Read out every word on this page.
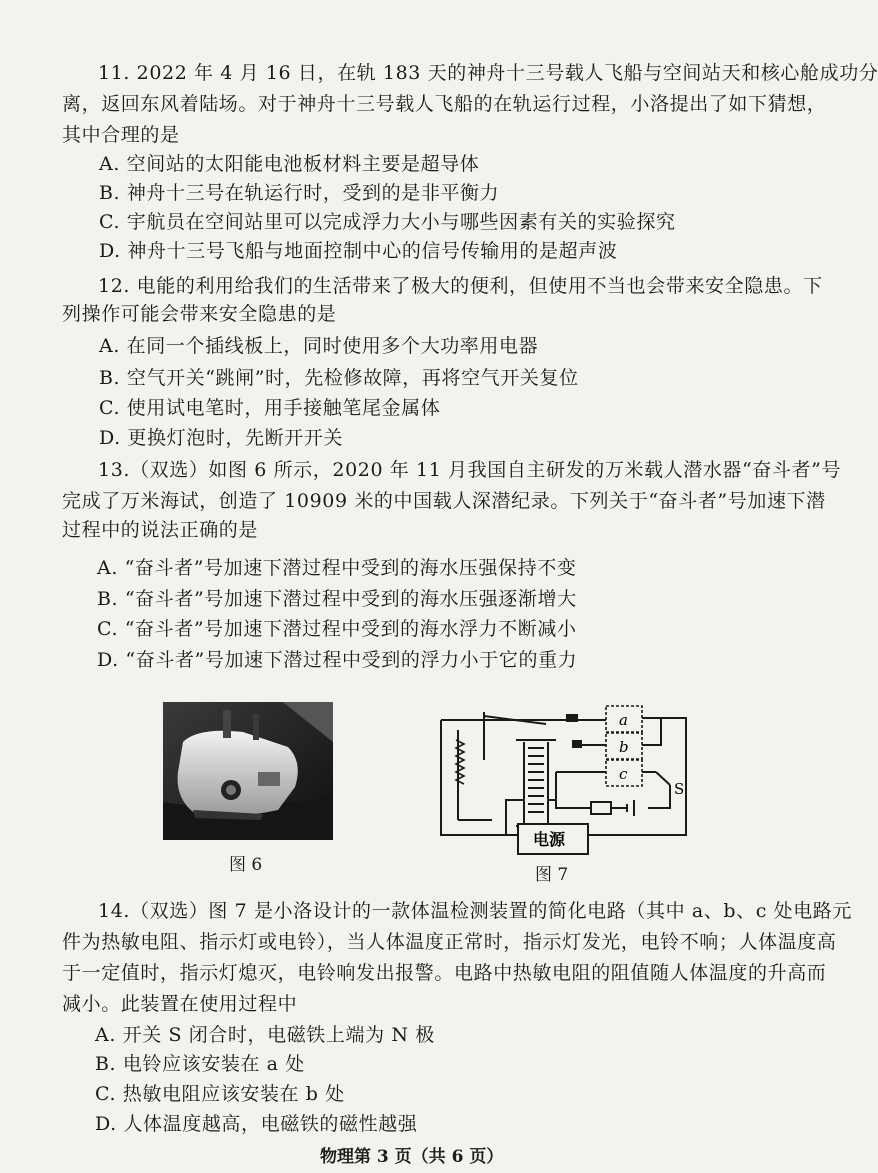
11. 2022 年 4 月 16 日，在轨 183 天的神舟十三号载人飞船与空间站天和核心舱成功分
离，返回东风着陆场。对于神舟十三号载人飞船的在轨运行过程，小洛提出了如下猜想，
其中合理的是
A. 空间站的太阳能电池板材料主要是超导体
B. 神舟十三号在轨运行时，受到的是非平衡力
C. 宇航员在空间站里可以完成浮力大小与哪些因素有关的实验探究
D. 神舟十三号飞船与地面控制中心的信号传输用的是超声波
12. 电能的利用给我们的生活带来了极大的便利，但使用不当也会带来安全隐患。下
列操作可能会带来安全隐患的是
A. 在同一个插线板上，同时使用多个大功率用电器
B. 空气开关“跳闸”时，先检修故障，再将空气开关复位
C. 使用试电笔时，用手接触笔尾金属体
D. 更换灯泡时，先断开开关
13.（双选）如图 6 所示，2020 年 11 月我国自主研发的万米载人潜水器“奋斗者”号
完成了万米海试，创造了 10909 米的中国载人深潜纪录。下列关于“奋斗者”号加速下潜
过程中的说法正确的是
A. “奋斗者”号加速下潜过程中受到的海水压强保持不变
B. “奋斗者”号加速下潜过程中受到的海水压强逐渐增大
C. “奋斗者”号加速下潜过程中受到的海水浮力不断减小
D. “奋斗者”号加速下潜过程中受到的浮力小于它的重力
图 6
a
b
c
S
电源
图 7
14.（双选）图 7 是小洛设计的一款体温检测装置的简化电路（其中 a、b、c 处电路元
件为热敏电阻、指示灯或电铃），当人体温度正常时，指示灯发光，电铃不响；人体温度高
于一定值时，指示灯熄灭，电铃响发出报警。电路中热敏电阻的阻值随人体温度的升高而
减小。此装置在使用过程中
A. 开关 S 闭合时，电磁铁上端为 N 极
B. 电铃应该安装在 a 处
C. 热敏电阻应该安装在 b 处
D. 人体温度越高，电磁铁的磁性越强
物理第 3 页（共 6 页）
